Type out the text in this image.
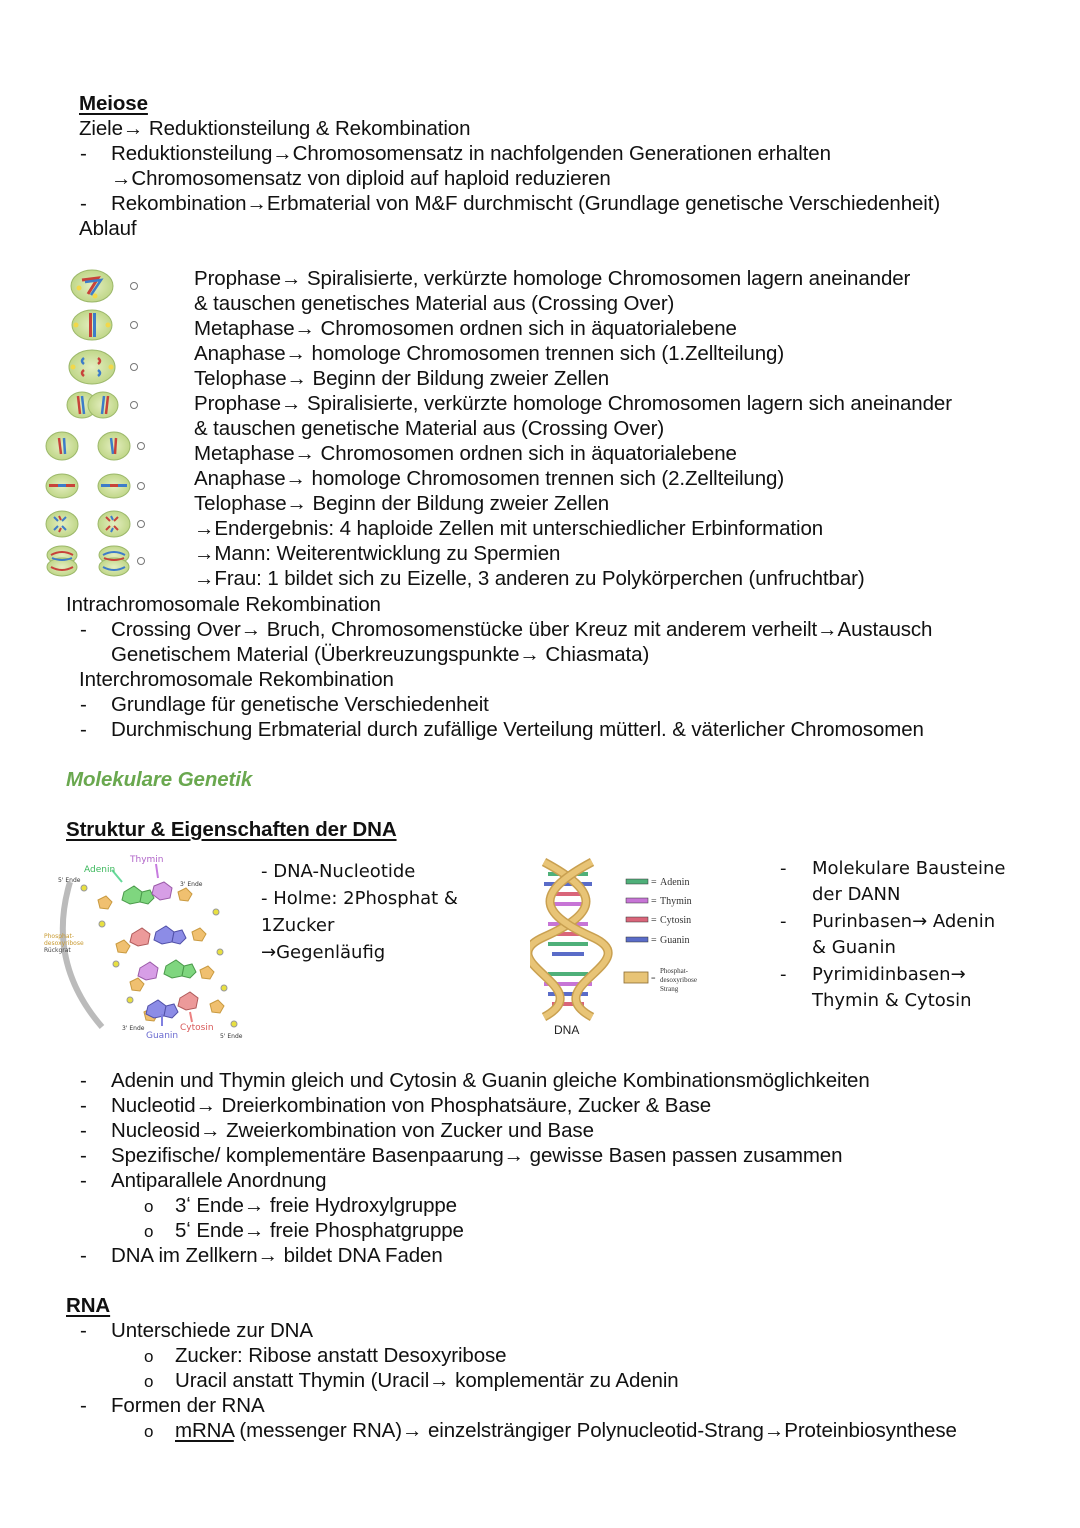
Meiose
Ziele→ Reduktionsteilung & Rekombination
- Reduktionsteilung→Chromosomensatz in nachfolgenden Generationen erhalten
→Chromosomensatz von diploid auf haploid reduzieren
- Rekombination→Erbmaterial von M&F durchmischt (Grundlage genetische Verschiedenheit)
Ablauf
Prophase→ Spiralisierte, verkürzte homologe Chromosomen lagern aneinander
& tauschen genetisches Material aus (Crossing Over)
Metaphase→ Chromosomen ordnen sich in äquatorialebene
Anaphase→ homologe Chromosomen trennen sich (1.Zellteilung)
Telophase→ Beginn der Bildung zweier Zellen
Prophase→ Spiralisierte, verkürzte homologe Chromosomen lagern sich aneinander
& tauschen genetische Material aus (Crossing Over)
Metaphase→ Chromosomen ordnen sich in äquatorialebene
Anaphase→ homologe Chromosomen trennen sich (2.Zellteilung)
Telophase→ Beginn der Bildung zweier Zellen
→Endergebnis: 4 haploide Zellen mit unterschiedlicher Erbinformation
→Mann: Weiterentwicklung zu Spermien
→Frau: 1 bildet sich zu Eizelle, 3 anderen zu Polykörperchen (unfruchtbar)
Intrachromosomale Rekombination
- Crossing Over→ Bruch, Chromosomenstücke über Kreuz mit anderem verheilt→Austausch
Genetischem Material (Überkreuzungspunkte→ Chiasmata)
Interchromosomale Rekombination
- Grundlage für genetische Verschiedenheit
- Durchmischung Erbmaterial durch zufällige Verteilung mütterl. & väterlicher Chromosomen
Molekulare Genetik
Struktur & Eigenschaften der DNA
Adenin
Thymin
5' Ende
3' Ende
Phosphat-
desoxyribose
Rückgrat
3' Ende
Guanin
Cytosin
5' Ende
- DNA-Nucleotide
- Holme: 2Phosphat &
1Zucker
→Gegenläufig
DNA
= Adenin
= Thymin
= Cytosin
= Guanin
=
Phosphat-
desoxyribose
Strang
- Molekulare Bausteine
der DANN
- Purinbasen→ Adenin
& Guanin
- Pyrimidinbasen→
Thymin & Cytosin
- Adenin und Thymin gleich und Cytosin & Guanin gleiche Kombinationsmöglichkeiten
- Nucleotid→ Dreierkombination von Phosphatsäure, Zucker & Base
- Nucleosid→ Zweierkombination von Zucker und Base
- Spezifische/ komplementäre Basenpaarung→ gewisse Basen passen zusammen
- Antiparallele Anordnung
o 3ʻ Ende→ freie Hydroxylgruppe
o 5ʻ Ende→ freie Phosphatgruppe
- DNA im Zellkern→ bildet DNA Faden
RNA
- Unterschiede zur DNA
o Zucker: Ribose anstatt Desoxyribose
o Uracil anstatt Thymin (Uracil→ komplementär zu Adenin
- Formen der RNA
o mRNA (messenger RNA)→ einzelsträngiger Polynucleotid-Strang→Proteinbiosynthese
